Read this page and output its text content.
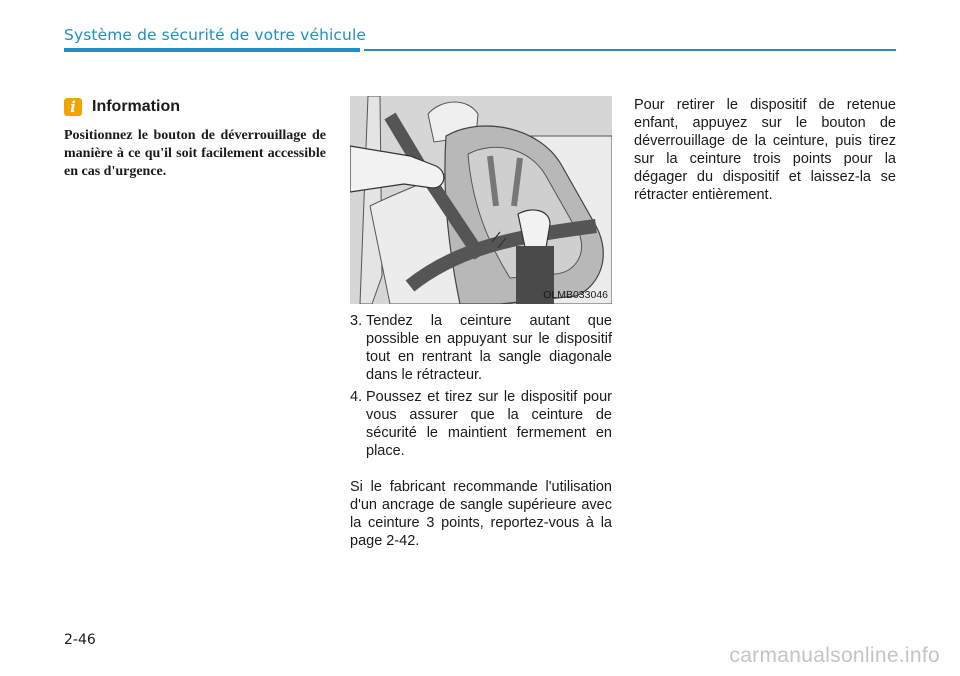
Système de sécurité de votre véhicule
i	Information
Positionnez le bouton de déverrouillage de manière à ce qu'il soit facilement accessible en cas d'urgence.
OLMB033046
3. Tendez la ceinture autant que possible en appuyant sur le dispositif tout en rentrant la sangle diagonale dans le rétracteur.
4. Poussez et tirez sur le dispositif pour vous assurer que la ceinture de sécurité le maintient fermement en place.
Si le fabricant recommande l'utilisation d'un ancrage de sangle supérieure avec la ceinture 3 points, reportez-vous à la page 2-42.
Pour retirer le dispositif de retenue enfant, appuyez sur le bouton de déverrouillage de la ceinture, puis tirez sur la ceinture trois points pour la dégager du dispositif et laissez-la se rétracter entièrement.
2-46
carmanualsonline.info
